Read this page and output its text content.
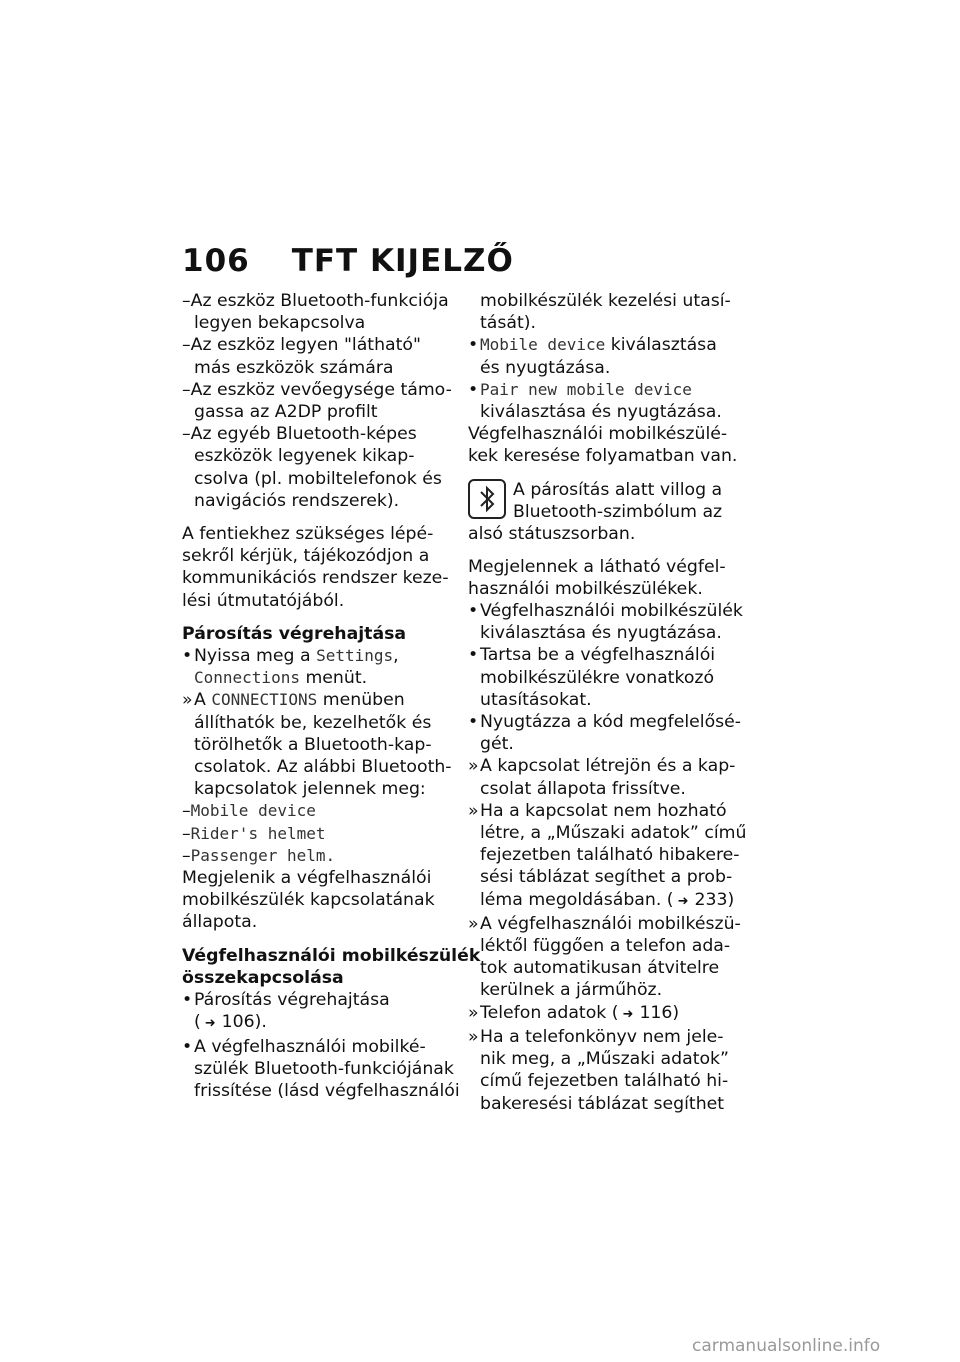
106 TFT KIJELZŐ
–Az eszköz Bluetooth-funkciója
legyen bekapcsolva
–Az eszköz legyen "látható"
más eszközök számára
–Az eszköz vevőegysége támo-
gassa az A2DP profilt
–Az egyéb Bluetooth-képes
eszközök legyenek kikap-
csolva (pl. mobiltelefonok és
navigációs rendszerek).
A fentiekhez szükséges lépé-
sekről kérjük, tájékozódjon a
kommunikációs rendszer keze-
lési útmutatójából.
Párosítás végrehajtása
• Nyissa meg a Settings,
Connections menüt.
» A CONNECTIONS menüben
állíthatók be, kezelhetők és
törölhetők a Bluetooth-kap-
csolatok. Az alábbi Bluetooth-
kapcsolatok jelennek meg:
–Mobile device
–Rider's helmet
–Passenger helm.
Megjelenik a végfelhasználói
mobilkészülék kapcsolatának
állapota.
Végfelhasználói mobilkészülék
összekapcsolása
• Párosítás végrehajtása
( ➜ 106).
• A végfelhasználói mobilké-
szülék Bluetooth-funkciójának
frissítése (lásd végfelhasználói
mobilkészülék kezelési utasí-
tását).
• Mobile device kiválasztása
és nyugtázása.
• Pair new mobile device
kiválasztása és nyugtázása.
Végfelhasználói mobilkészülé-
kek keresése folyamatban van.
A párosítás alatt villog a
Bluetooth-szimbólum az
alsó státuszsorban.
Megjelennek a látható végfel-
használói mobilkészülékek.
• Végfelhasználói mobilkészülék
kiválasztása és nyugtázása.
• Tartsa be a végfelhasználói
mobilkészülékre vonatkozó
utasításokat.
• Nyugtázza a kód megfelelősé-
gét.
» A kapcsolat létrejön és a kap-
csolat állapota frissítve.
» Ha a kapcsolat nem hozható
létre, a „Műszaki adatok” című
fejezetben található hibakere-
sési táblázat segíthet a prob-
léma megoldásában. ( ➜ 233)
» A végfelhasználói mobilkészü-
léktől függően a telefon ada-
tok automatikusan átvitelre
kerülnek a járműhöz.
» Telefon adatok ( ➜ 116)
» Ha a telefonkönyv nem jele-
nik meg, a „Műszaki adatok”
című fejezetben található hi-
bakeresési táblázat segíthet
carmanualsonline.info
